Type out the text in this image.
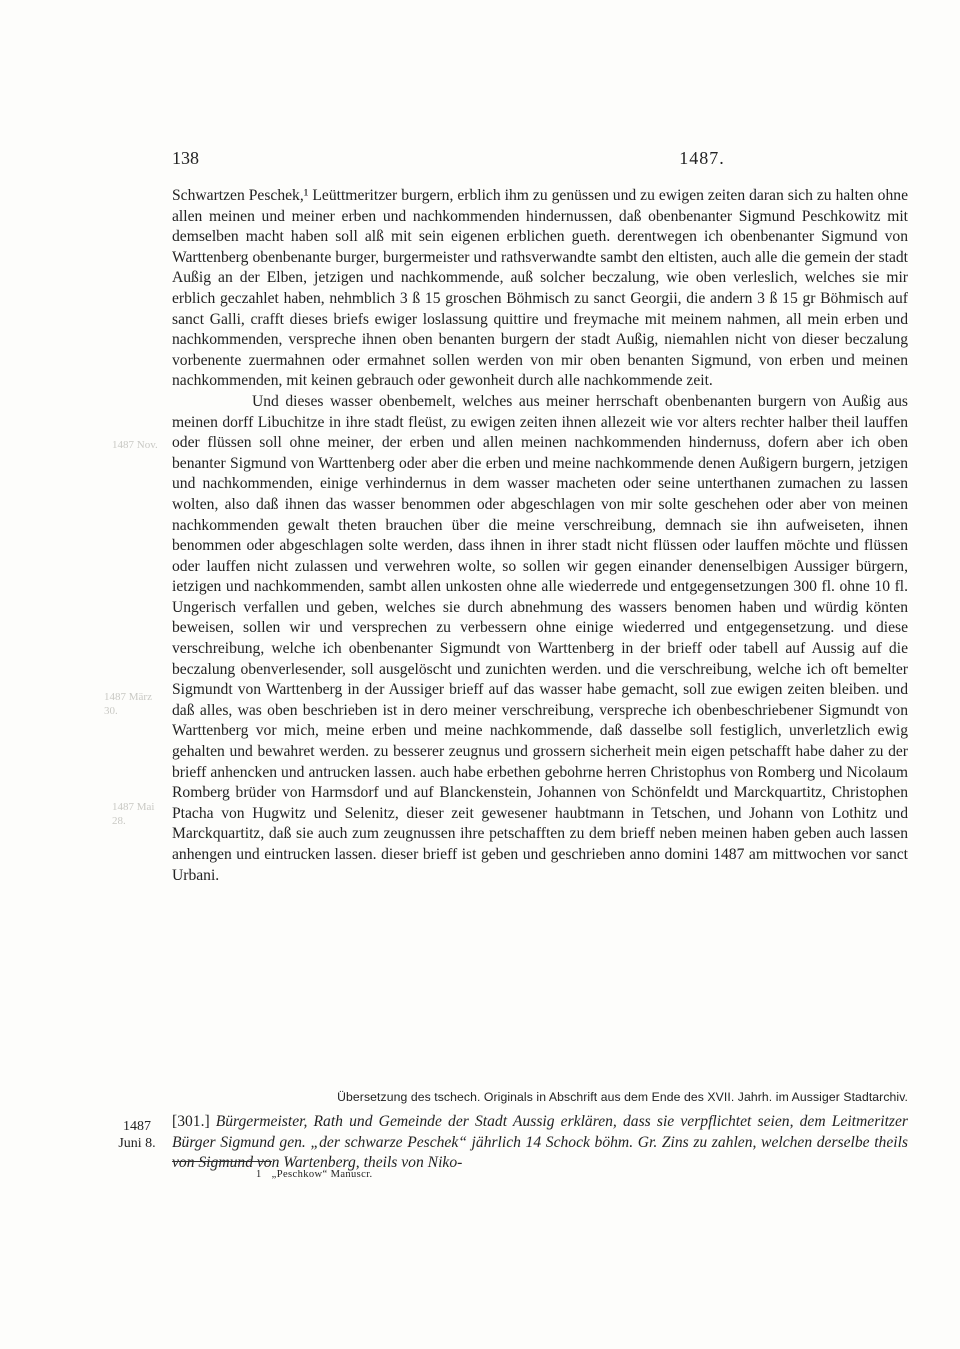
1487 Nov.
1487 März 30.
1487 Mai 28.
138	1487.

Schwartzen Peschek,¹ Leüttmeritzer burgern, erblich ihm zu genüssen und zu ewigen zeiten daran sich zu halten ohne allen meinen und meiner erben und nachkommenden hindernussen, daß obenbenanter Sigmund Peschkowitz mit demselben macht haben soll alß mit sein eigenen erblichen gueth. derentwegen ich obenbenanter Sigmund von Warttenberg obenbenante burger, burgermeister und rathsverwandte sambt den eltisten, auch alle die gemein der stadt Außig an der Elben, jetzigen und nachkommende, auß solcher beczalung, wie oben verleslich, welches sie mir erblich geczahlet haben, nehmblich 3 ß 15 groschen Böhmisch zu sanct Georgii, die andern 3 ß 15 gr Böhmisch auf sanct Galli, crafft dieses briefs ewiger loslassung quittire und freymache mit meinem nahmen, all mein erben und nachkommenden, verspreche ihnen oben benanten burgern der stadt Außig, niemahlen nicht von dieser beczalung vorbenente zuermahnen oder ermahnet sollen werden von mir oben benanten Sigmund, von erben und meinen nachkommenden, mit keinen gebrauch oder gewonheit durch alle nachkommende zeit.

Und dieses wasser obenbemelt, welches aus meiner herrschaft obenbenanten burgern von Außig aus meinen dorff Libuchitze in ihre stadt fleüst, zu ewigen zeiten ihnen allezeit wie vor alters rechter halber theil lauffen oder flüssen soll ohne meiner, der erben und allen meinen nachkommenden hindernuss, dofern aber ich oben benanter Sigmund von Warttenberg oder aber die erben und meine nachkommende denen Außigern burgern, jetzigen und nachkommenden, einige verhindernus in dem wasser macheten oder seine unterthanen zumachen zu lassen wolten, also daß ihnen das wasser benommen oder abgeschlagen von mir solte geschehen oder aber von meinen nachkommenden gewalt theten brauchen über die meine verschreibung, demnach sie ihn aufweiseten, ihnen benommen oder abgeschlagen solte werden, dass ihnen in ihrer stadt nicht flüssen oder lauffen möchte und flüssen oder lauffen nicht zulassen und verwehren wolte, so sollen wir gegen einander denenselbigen Aussiger bürgern, ietzigen und nachkommenden, sambt allen unkosten ohne alle wiederrede und entgegensetzungen 300 fl. ohne 10 fl. Ungerisch verfallen und geben, welches sie durch abnehmung des wassers benomen haben und würdig könten beweisen, sollen wir und versprechen zu verbessern ohne einige wiederred und entgegensetzung. und diese verschreibung, welche ich obenbenanter Sigmundt von Warttenberg in der brieff oder tabell auf Aussig auf die beczalung obenverlesender, soll ausgelöscht und zunichten werden. und die verschreibung, welche ich oft bemelter Sigmundt von Warttenberg in der Aussiger brieff auf das wasser habe gemacht, soll zue ewigen zeiten bleiben. und daß alles, was oben beschrieben ist in dero meiner verschreibung, verspreche ich obenbeschriebener Sigmundt von Warttenberg vor mich, meine erben und meine nachkommende, daß dasselbe soll festiglich, unverletzlich ewig gehalten und bewahret werden. zu besserer zeugnus und grossern sicherheit mein eigen petschafft habe daher zu der brieff anhencken und antrucken lassen. auch habe erbethen gebohrne herren Christophus von Romberg und Nicolaum Romberg brüder von Harmsdorf und auf Blanckenstein, Johannen von Schönfeldt und Marckquartitz, Christophen Ptacha von Hugwitz und Selenitz, dieser zeit gewesener haubtmann in Tetschen, und Johann von Lothitz und Marckquartitz, daß sie auch zum zeugnussen ihre petschafften zu dem brieff neben meinen haben geben auch lassen anhengen und eintrucken lassen. dieser brieff ist geben und geschrieben anno domini 1487 am mittwochen vor sanct Urbani.

Übersetzung des tschech. Originals in Abschrift aus dem Ende des XVII. Jahrh. im Aussiger Stadtarchiv.
1487
Juni 8.
[301.] Bürgermeister, Rath und Gemeinde der Stadt Aussig erklären, dass sie verpflichtet seien, dem Leitmeritzer Bürger Sigmund gen. „der schwarze Peschek“ jährlich 14 Schock böhm. Gr. Zins zu zahlen, welchen derselbe theils von Sigmund von Wartenberg, theils von Niko-
1 „Peschkow“ Manuscr.
